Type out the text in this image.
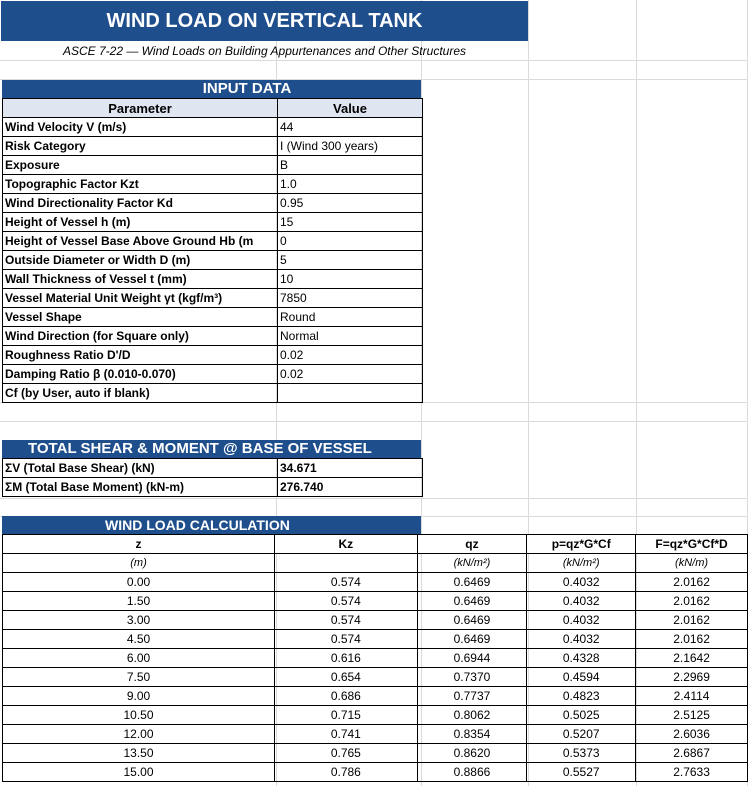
WIND LOAD ON VERTICAL TANK
ASCE 7-22 — Wind Loads on Building Appurtenances and Other Structures
INPUT DATA
Parameter	Value
Wind Velocity V (m/s)	44
Risk Category	I (Wind 300 years)
Exposure	B
Topographic Factor Kzt	1.0
Wind Directionality Factor Kd	0.95
Height of Vessel h (m)	15
Height of Vessel Base Above Ground Hb (m	0
Outside Diameter or Width D (m)	5
Wall Thickness of Vessel t (mm)	10
Vessel Material Unit Weight γt (kgf/m³)	7850
Vessel Shape	Round
Wind Direction (for Square only)	Normal
Roughness Ratio D'/D	0.02
Damping Ratio β (0.010-0.070)	0.02
Cf (by User, auto if blank)	
TOTAL SHEAR & MOMENT @ BASE OF VESSEL
ΣV (Total Base Shear) (kN)	34.671
ΣM (Total Base Moment) (kN-m)	276.740
WIND LOAD CALCULATION
z	Kz	qz	p=qz*G*Cf	F=qz*G*Cf*D
(m)		(kN/m²)	(kN/m²)	(kN/m)
0.00	0.574	0.6469	0.4032	2.0162
1.50	0.574	0.6469	0.4032	2.0162
3.00	0.574	0.6469	0.4032	2.0162
4.50	0.574	0.6469	0.4032	2.0162
6.00	0.616	0.6944	0.4328	2.1642
7.50	0.654	0.7370	0.4594	2.2969
9.00	0.686	0.7737	0.4823	2.4114
10.50	0.715	0.8062	0.5025	2.5125
12.00	0.741	0.8354	0.5207	2.6036
13.50	0.765	0.8620	0.5373	2.6867
15.00	0.786	0.8866	0.5527	2.7633
